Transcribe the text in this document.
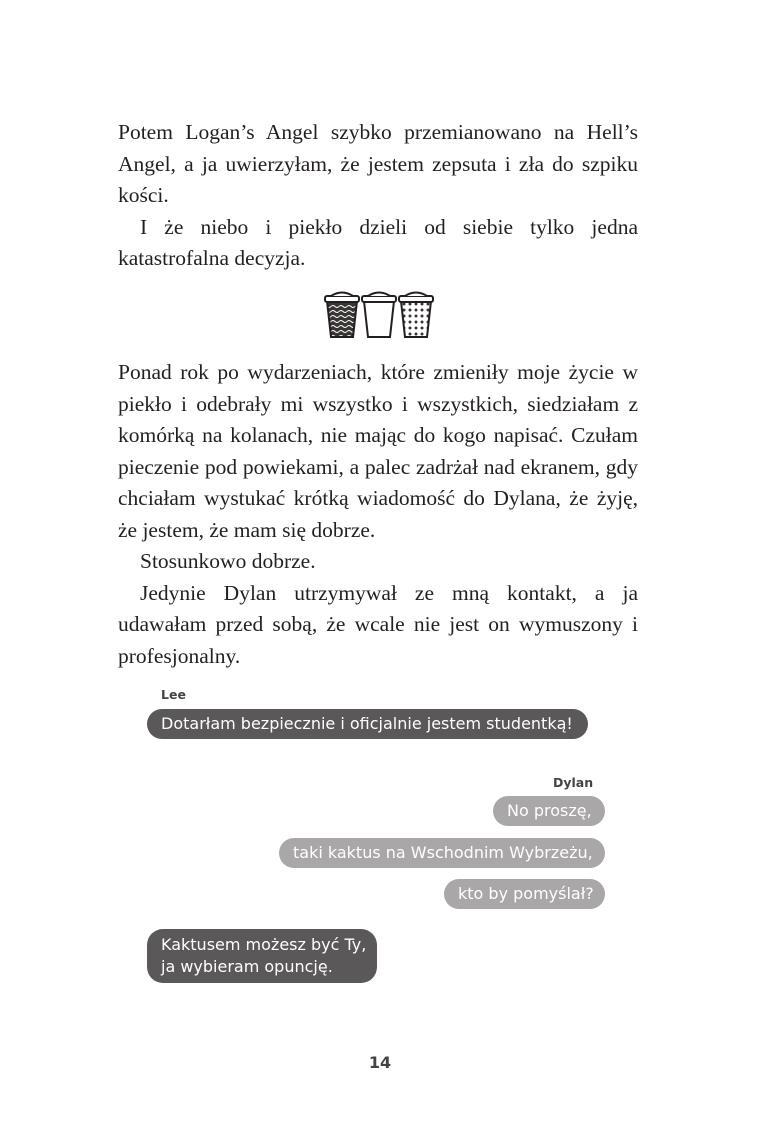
Potem Logan’s Angel szybko przemianowano na Hell’s Angel, a ja uwierzyłam, że jestem zepsuta i zła do szpiku kości.

I że niebo i piekło dzieli od siebie tylko jedna katastrofalna decyzja.

Ponad rok po wydarzeniach, które zmieniły moje życie w piekło i odebrały mi wszystko i wszystkich, siedziałam z komórką na kolanach, nie mając do kogo napisać. Czułam pieczenie pod powiekami, a palec zadrżał nad ekranem, gdy chciałam wystukać krótką wiadomość do Dylana, że żyję, że jestem, że mam się dobrze.

Stosunkowo dobrze.

Jedynie Dylan utrzymywał ze mną kontakt, a ja udawałam przed sobą, że wcale nie jest on wymuszony i profesjonalny.

Lee
Dotarłam bezpiecznie i oficjalnie jestem studentką!
Dylan
No proszę,
taki kaktus na Wschodnim Wybrzeżu,
kto by pomyślał?
Kaktusem możesz być Ty,
ja wybieram opuncję.
14
